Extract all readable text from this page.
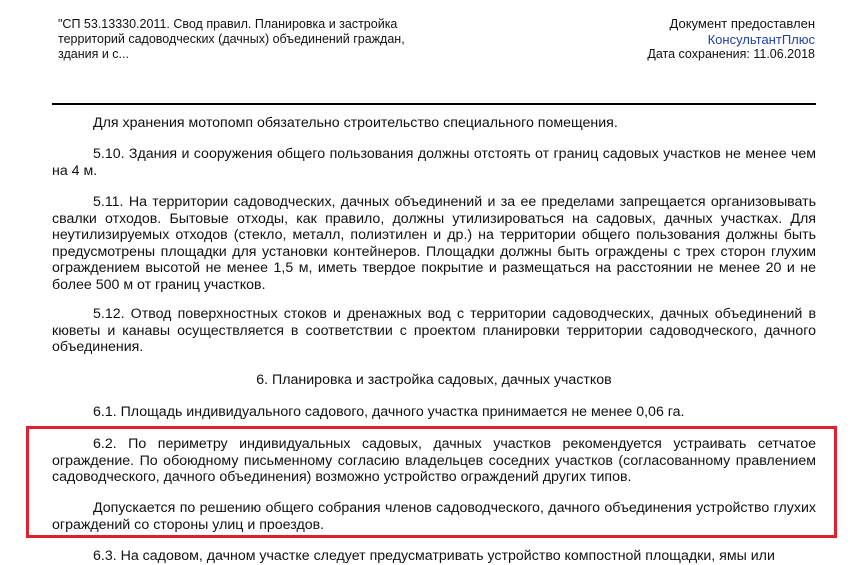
"СП 53.13330.2011. Свод правил. Планировка и застройка
территорий садоводческих (дачных) объединений граждан,
здания и с...
Документ предоставлен
КонсультантПлюс
Дата сохранения: 11.06.2018

Для хранения мотопомп обязательно строительство специального помещения.

5.10. Здания и сооружения общего пользования должны отстоять от границ садовых участков не менее чем на 4 м.

5.11. На территории садоводческих, дачных объединений и за ее пределами запрещается организовывать свалки отходов. Бытовые отходы, как правило, должны утилизироваться на садовых, дачных участках. Для неутилизируемых отходов (стекло, металл, полиэтилен и др.) на территории общего пользования должны быть предусмотрены площадки для установки контейнеров. Площадки должны быть ограждены с трех сторон глухим ограждением высотой не менее 1,5 м, иметь твердое покрытие и размещаться на расстоянии не менее 20 и не более 500 м от границ участков.

5.12. Отвод поверхностных стоков и дренажных вод с территории садоводческих, дачных объединений в кюветы и канавы осуществляется в соответствии с проектом планировки территории садоводческого, дачного объединения.

6. Планировка и застройка садовых, дачных участков

6.1. Площадь индивидуального садового, дачного участка принимается не менее 0,06 га.

6.2. По периметру индивидуальных садовых, дачных участков рекомендуется устраивать сетчатое ограждение. По обоюдному письменному согласию владельцев соседних участков (согласованному правлением садоводческого, дачного объединения) возможно устройство ограждений других типов.

Допускается по решению общего собрания членов садоводческого, дачного объединения устройство глухих ограждений со стороны улиц и проездов.

6.3. На садовом, дачном участке следует предусматривать устройство компостной площадки, ямы или
